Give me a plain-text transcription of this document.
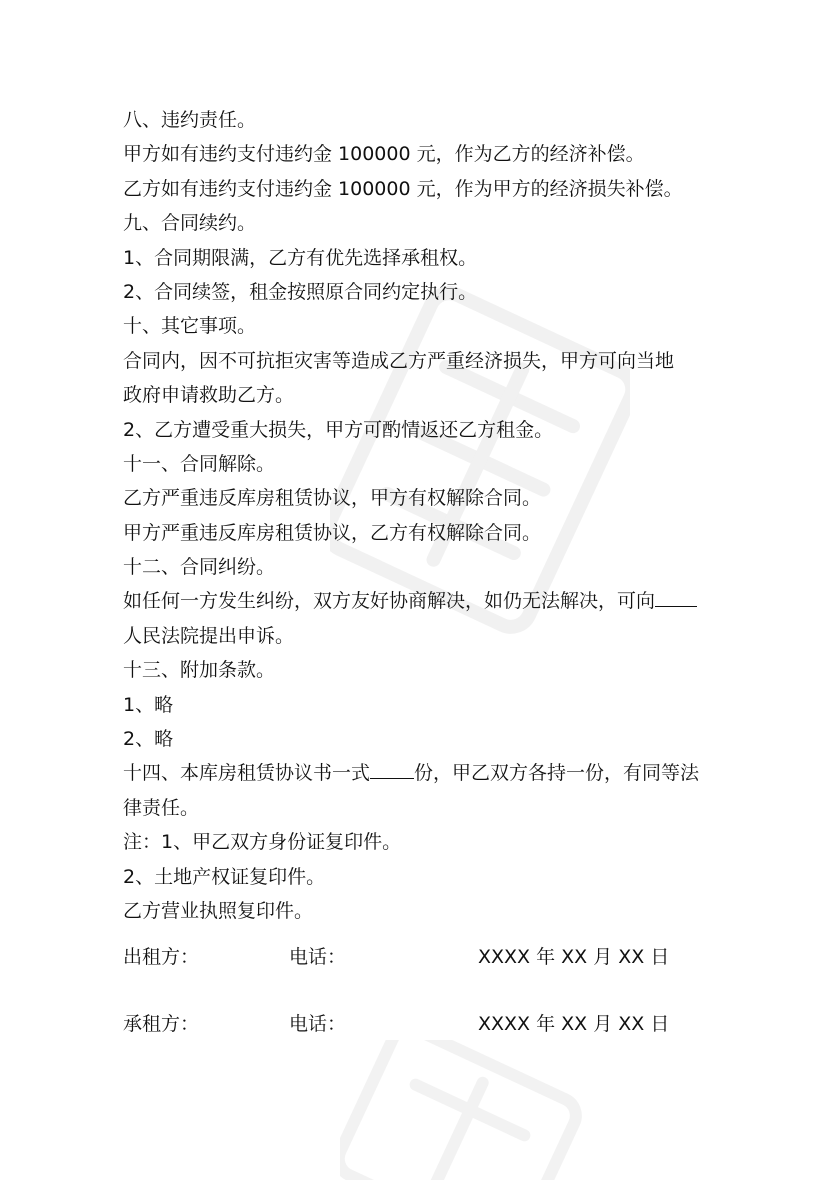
八、违约责任。
甲方如有违约支付违约金 100000 元，作为乙方的经济补偿。
乙方如有违约支付违约金 100000 元，作为甲方的经济损失补偿。
九、合同续约。
1、合同期限满，乙方有优先选择承租权。
2、合同续签，租金按照原合同约定执行。
十、其它事项。
合同内，因不可抗拒灾害等造成乙方严重经济损失，甲方可向当地
政府申请救助乙方。
2、乙方遭受重大损失，甲方可酌情返还乙方租金。
十一、合同解除。
乙方严重违反库房租赁协议，甲方有权解除合同。
甲方严重违反库房租赁协议，乙方有权解除合同。
十二、合同纠纷。
如任何一方发生纠纷，双方友好协商解决，如仍无法解决，可向
人民法院提出申诉。
十三、附加条款。
1、略
2、略
十四、本库房租赁协议书一式 份，甲乙双方各持一份，有同等法
律责任。
注：1、甲乙双方身份证复印件。
2、土地产权证复印件。
乙方营业执照复印件。
出租方：	电话：	XXXX 年 XX 月 XX 日
承租方：	电话：	XXXX 年 XX 月 XX 日
